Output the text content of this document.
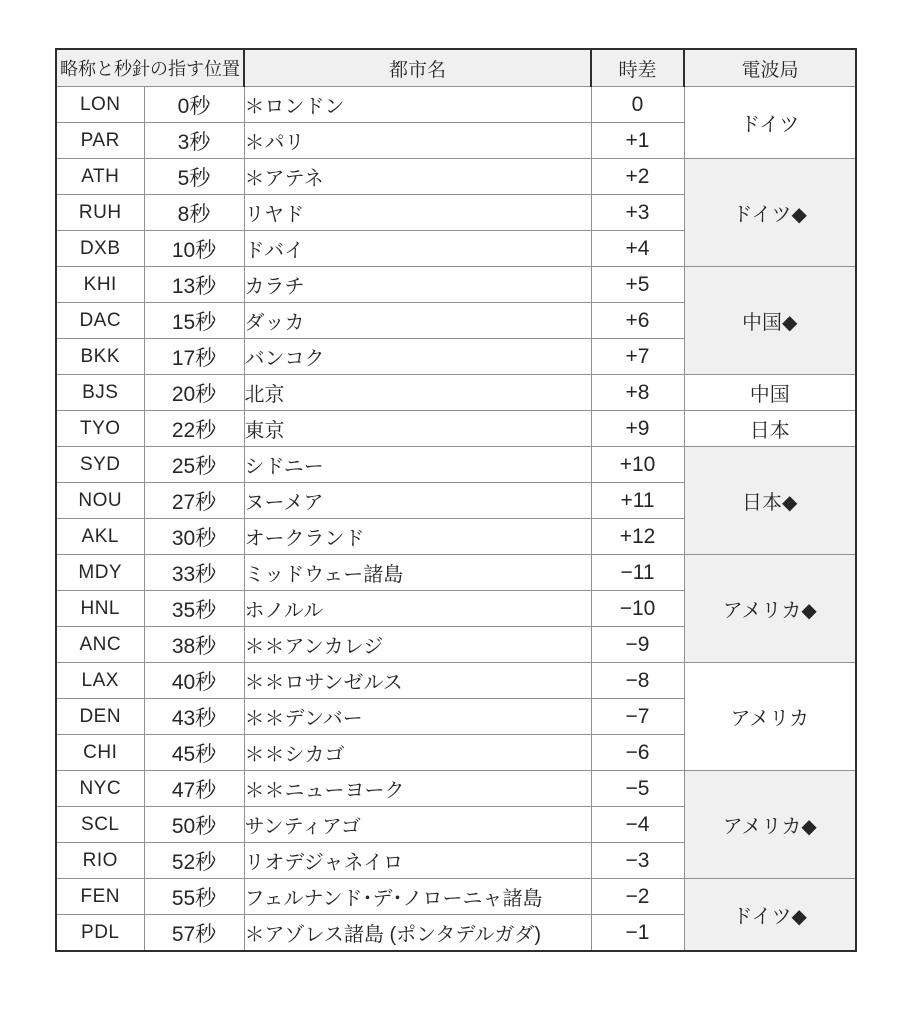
略称と秒針の指す位置		都市名	時差	電波局
LON	0秒	＊ロンドン	0	ドイツ
PAR	3秒	＊パリ	+1	
ATH	5秒	＊アテネ	+2	ドイツ◆
RUH	8秒	リヤド	+3	
DXB	10秒	ドバイ	+4	
KHI	13秒	カラチ	+5	中国◆
DAC	15秒	ダッカ	+6	
BKK	17秒	バンコク	+7	
BJS	20秒	北京	+8	中国
TYO	22秒	東京	+9	日本
SYD	25秒	シドニー	+10	日本◆
NOU	27秒	ヌーメア	+11	
AKL	30秒	オークランド	+12	
MDY	33秒	ミッドウェー諸島	−11	アメリカ◆
HNL	35秒	ホノルル	−10	
ANC	38秒	＊＊アンカレジ	−9	
LAX	40秒	＊＊ロサンゼルス	−8	アメリカ
DEN	43秒	＊＊デンバー	−7	
CHI	45秒	＊＊シカゴ	−6	
NYC	47秒	＊＊ニューヨーク	−5	アメリカ◆
SCL	50秒	サンティアゴ	−4	
RIO	52秒	リオデジャネイロ	−3	
FEN	55秒	フェルナンド･デ･ノローニャ諸島	−2	ドイツ◆
PDL	57秒	＊アゾレス諸島 (ポンタデルガダ)	−1	
